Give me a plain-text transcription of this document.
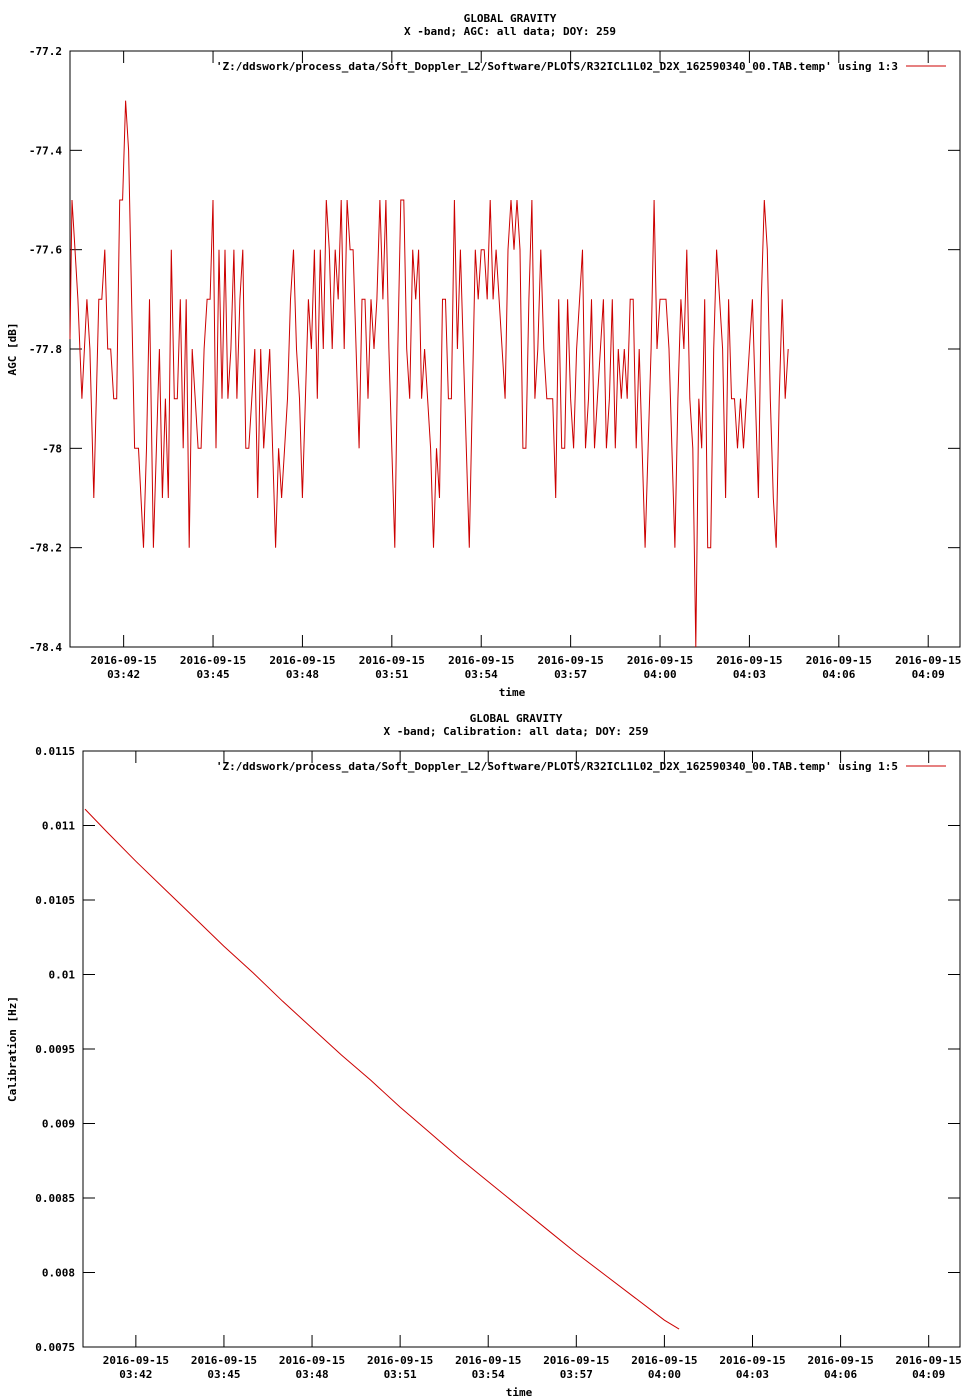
GLOBAL GRAVITY
X -band; AGC: all data; DOY: 259
-77.2
-77.4
-77.6
-77.8
-78
-78.2
-78.4
2016-09-15
03:42
2016-09-15
03:45
2016-09-15
03:48
2016-09-15
03:51
2016-09-15
03:54
2016-09-15
03:57
2016-09-15
04:00
2016-09-15
04:03
2016-09-15
04:06
2016-09-15
04:09
AGC [dB]
time
'Z:/ddswork/process_data/Soft_Doppler_L2/Software/PLOTS/R32ICL1L02_D2X_162590340_00.TAB.temp' using 1:3
GLOBAL GRAVITY
X -band; Calibration: all data; DOY: 259
0.0115
0.011
0.0105
0.01
0.0095
0.009
0.0085
0.008
0.0075
2016-09-15
03:42
2016-09-15
03:45
2016-09-15
03:48
2016-09-15
03:51
2016-09-15
03:54
2016-09-15
03:57
2016-09-15
04:00
2016-09-15
04:03
2016-09-15
04:06
2016-09-15
04:09
Calibration [Hz]
time
'Z:/ddswork/process_data/Soft_Doppler_L2/Software/PLOTS/R32ICL1L02_D2X_162590340_00.TAB.temp' using 1:5
